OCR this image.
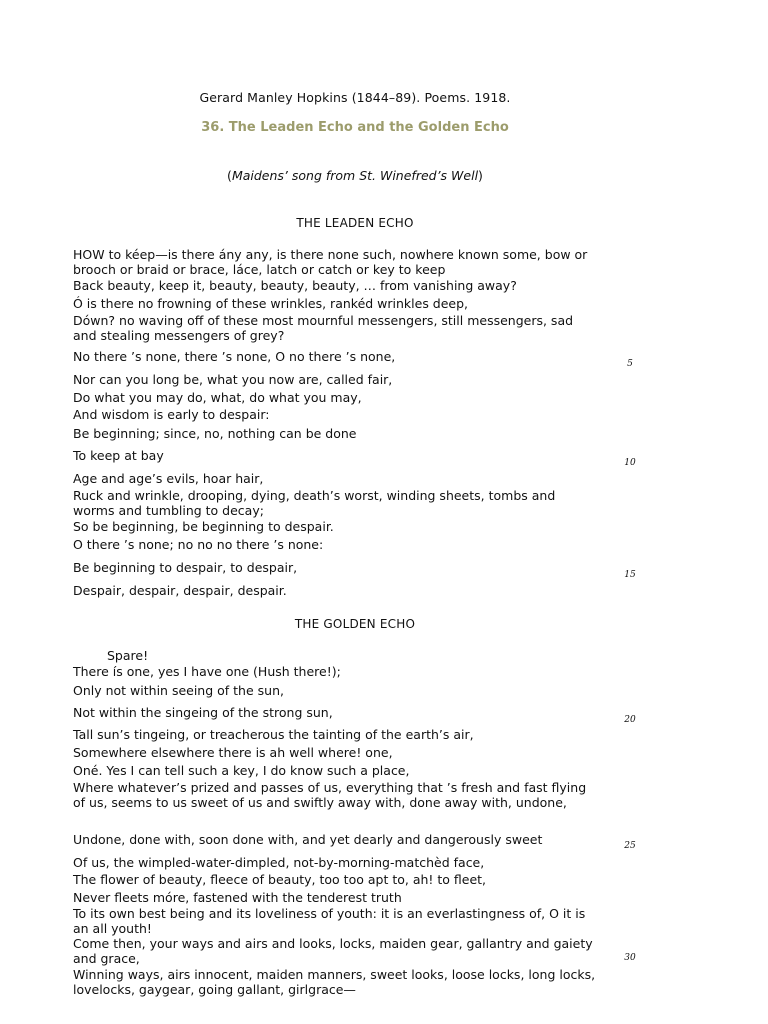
Gerard Manley Hopkins (1844–89). Poems. 1918.
36. The Leaden Echo and the Golden Echo
(Maidens’ song from St. Winefred’s Well)
THE LEADEN ECHO
HOW to kéep—is there ány any, is there none such, nowhere known some, bow or brooch or braid or brace, láce, latch or catch or key to keep
Back beauty, keep it, beauty, beauty, beauty, … from vanishing away?
Ó is there no frowning of these wrinkles, rankéd wrinkles deep,
Dówn? no waving off of these most mournful messengers, still messengers, sad and stealing messengers of grey?
No there ’s none, there ’s none, O no there ’s none,	5
Nor can you long be, what you now are, called fair,
Do what you may do, what, do what you may,
And wisdom is early to despair:
Be beginning; since, no, nothing can be done
To keep at bay	10
Age and age’s evils, hoar hair,
Ruck and wrinkle, drooping, dying, death’s worst, winding sheets, tombs and worms and tumbling to decay;
So be beginning, be beginning to despair.
O there ’s none; no no no there ’s none:
Be beginning to despair, to despair,	15
Despair, despair, despair, despair.
THE GOLDEN ECHO
Spare!
There ís one, yes I have one (Hush there!);
Only not within seeing of the sun,
Not within the singeing of the strong sun,	20
Tall sun’s tingeing, or treacherous the tainting of the earth’s air,
Somewhere elsewhere there is ah well where! one,
Oné. Yes I can tell such a key, I do know such a place,
Where whatever’s prized and passes of us, everything that ’s fresh and fast flying of us, seems to us sweet of us and swiftly away with, done away with, undone,
Undone, done with, soon done with, and yet dearly and dangerously sweet	25
Of us, the wimpled-water-dimpled, not-by-morning-matchèd face,
The flower of beauty, fleece of beauty, too too apt to, ah! to fleet,
Never fleets móre, fastened with the tenderest truth
To its own best being and its loveliness of youth: it is an everlastingness of, O it is an all youth!
Come then, your ways and airs and looks, locks, maiden gear, gallantry and gaiety and grace,	30
Winning ways, airs innocent, maiden manners, sweet looks, loose locks, long locks, lovelocks, gaygear, going gallant, girlgrace—
